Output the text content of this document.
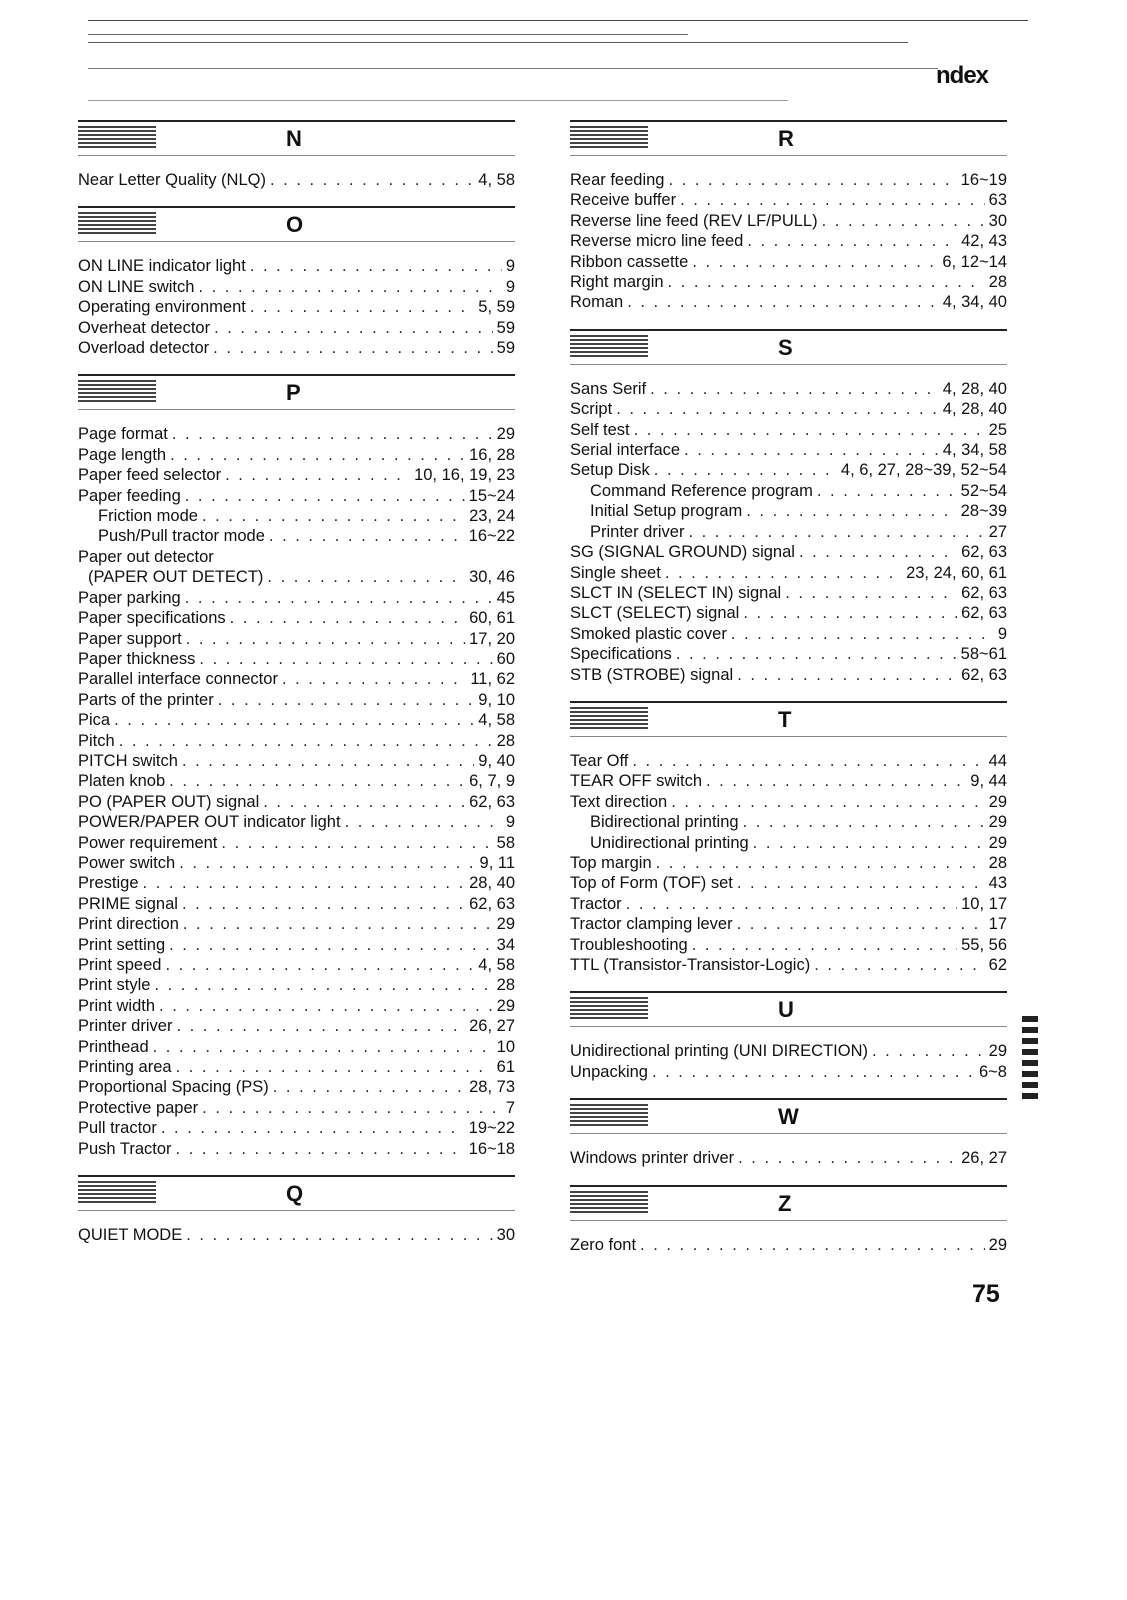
ndex
N
Near Letter Quality (NLQ) . . .	4, 58
O
ON LINE indicator light . . .	9
ON LINE switch . . .	9
Operating environment . . .	5, 59
Overheat detector . . .	59
Overload detector . . .	59
P
Page format . . .	29
Page length . . .	16, 28
Paper feed selector . . .	10, 16, 19, 23
Paper feeding . . .	15~24
Friction mode . . .	23, 24
Push/Pull tractor mode . . .	16~22
Paper out detector
(PAPER OUT DETECT) . . .	30, 46
Paper parking . . .	45
Paper specifications . . .	60, 61
Paper support . . .	17, 20
Paper thickness . . .	60
Parallel interface connector . . .	11, 62
Parts of the printer . . .	9, 10
Pica . . .	4, 58
Pitch . . .	28
PITCH switch . . .	9, 40
Platen knob . . .	6, 7, 9
PO (PAPER OUT) signal . . .	62, 63
POWER/PAPER OUT indicator light . . .	9
Power requirement . . .	58
Power switch . . .	9, 11
Prestige . . .	28, 40
PRIME signal . . .	62, 63
Print direction . . .	29
Print setting . . .	34
Print speed . . .	4, 58
Print style . . .	28
Print width . . .	29
Printer driver . . .	26, 27
Printhead . . .	10
Printing area . . .	61
Proportional Spacing (PS) . . .	28, 73
Protective paper . . .	7
Pull tractor . . .	19~22
Push Tractor . . .	16~18
Q
QUIET MODE . . .	30
R
Rear feeding . . .	16~19
Receive buffer . . .	63
Reverse line feed (REV LF/PULL) . . .	30
Reverse micro line feed . . .	42, 43
Ribbon cassette . . .	6, 12~14
Right margin . . .	28
Roman . . .	4, 34, 40
S
Sans Serif . . .	4, 28, 40
Script . . .	4, 28, 40
Self test . . .	25
Serial interface . . .	4, 34, 58
Setup Disk . . .	4, 6, 27, 28~39, 52~54
Command Reference program . . .	52~54
Initial Setup program . . .	28~39
Printer driver . . .	27
SG (SIGNAL GROUND) signal . . .	62, 63
Single sheet . . .	23, 24, 60, 61
SLCT IN (SELECT IN) signal . . .	62, 63
SLCT (SELECT) signal . . .	62, 63
Smoked plastic cover . . .	9
Specifications . . .	58~61
STB (STROBE) signal . . .	62, 63
T
Tear Off . . .	44
TEAR OFF switch . . .	9, 44
Text direction . . .	29
Bidirectional printing . . .	29
Unidirectional printing . . .	29
Top margin . . .	28
Top of Form (TOF) set . . .	43
Tractor . . .	10, 17
Tractor clamping lever . . .	17
Troubleshooting . . .	55, 56
TTL (Transistor-Transistor-Logic) . . .	62
U
Unidirectional printing (UNI DIRECTION) . . .	29
Unpacking . . .	6~8
W
Windows printer driver . . .	26, 27
Z
Zero font . . .	29
75
